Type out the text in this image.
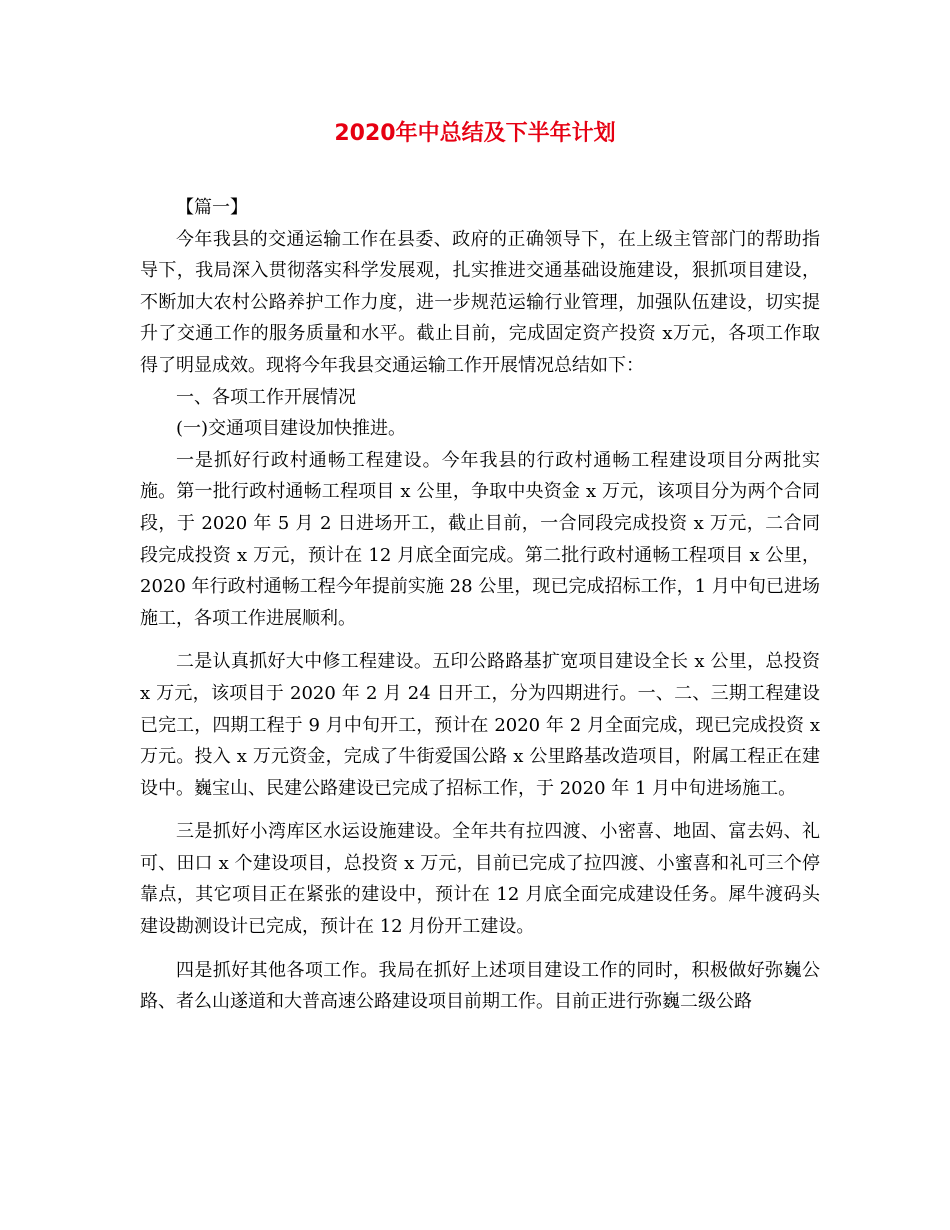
2020年中总结及下半年计划

【篇一】

今年我县的交通运输工作在县委、政府的正确领导下，在上级主管部门的帮助指导下，我局深入贯彻落实科学发展观，扎实推进交通基础设施建设，狠抓项目建设，不断加大农村公路养护工作力度，进一步规范运输行业管理，加强队伍建设，切实提升了交通工作的服务质量和水平。截止目前，完成固定资产投资 x万元，各项工作取得了明显成效。现将今年我县交通运输工作开展情况总结如下：

一、各项工作开展情况

(一)交通项目建设加快推进。

一是抓好行政村通畅工程建设。今年我县的行政村通畅工程建设项目分两批实施。第一批行政村通畅工程项目 x 公里，争取中央资金 x 万元，该项目分为两个合同段，于 2020 年 5 月 2 日进场开工，截止目前，一合同段完成投资 x 万元，二合同段完成投资 x 万元，预计在 12 月底全面完成。第二批行政村通畅工程项目 x 公里，2020 年行政村通畅工程今年提前实施 28 公里，现已完成招标工作，1 月中旬已进场施工，各项工作进展顺利。

二是认真抓好大中修工程建设。五印公路路基扩宽项目建设全长 x 公里，总投资 x 万元，该项目于 2020 年 2 月 24 日开工，分为四期进行。一、二、三期工程建设已完工，四期工程于 9 月中旬开工，预计在 2020 年 2 月全面完成，现已完成投资 x 万元。投入 x 万元资金，完成了牛街爱国公路 x 公里路基改造项目，附属工程正在建设中。巍宝山、民建公路建设已完成了招标工作，于 2020 年 1 月中旬进场施工。

三是抓好小湾库区水运设施建设。全年共有拉四渡、小密喜、地固、富去妈、礼可、田口 x 个建设项目，总投资 x 万元，目前已完成了拉四渡、小蜜喜和礼可三个停靠点，其它项目正在紧张的建设中，预计在 12 月底全面完成建设任务。犀牛渡码头建设勘测设计已完成，预计在 12 月份开工建设。

四是抓好其他各项工作。我局在抓好上述项目建设工作的同时，积极做好弥巍公路、者么山遂道和大普高速公路建设项目前期工作。目前正进行弥巍二级公路
